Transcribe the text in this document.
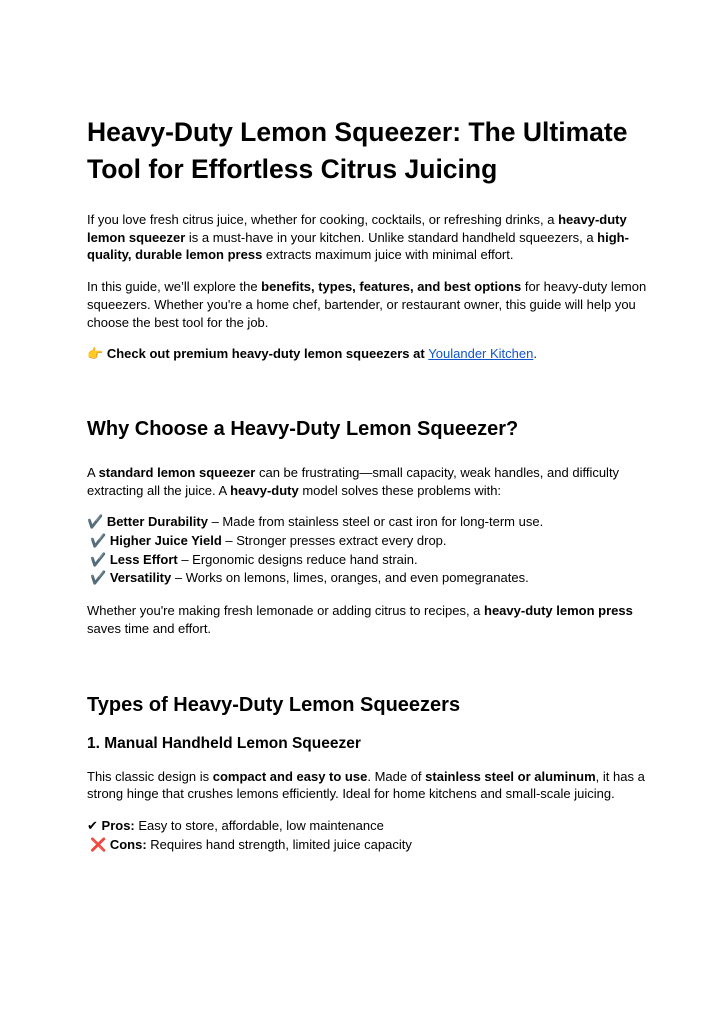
Heavy-Duty Lemon Squeezer: The Ultimate Tool for Effortless Citrus Juicing

If you love fresh citrus juice, whether for cooking, cocktails, or refreshing drinks, a heavy-duty lemon squeezer is a must-have in your kitchen. Unlike standard handheld squeezers, a high-quality, durable lemon press extracts maximum juice with minimal effort.

In this guide, we’ll explore the benefits, types, features, and best options for heavy-duty lemon squeezers. Whether you're a home chef, bartender, or restaurant owner, this guide will help you choose the best tool for the job.

👉 Check out premium heavy-duty lemon squeezers at Youlander Kitchen.

Why Choose a Heavy-Duty Lemon Squeezer?

A standard lemon squeezer can be frustrating—small capacity, weak handles, and difficulty extracting all the juice. A heavy-duty model solves these problems with:

✔️ Better Durability – Made from stainless steel or cast iron for long-term use.

✔️ Higher Juice Yield – Stronger presses extract every drop.

✔️ Less Effort – Ergonomic designs reduce hand strain.

✔️ Versatility – Works on lemons, limes, oranges, and even pomegranates.

Whether you're making fresh lemonade or adding citrus to recipes, a heavy-duty lemon press saves time and effort.

Types of Heavy-Duty Lemon Squeezers
1. Manual Handheld Lemon Squeezer

This classic design is compact and easy to use. Made of stainless steel or aluminum, it has a strong hinge that crushes lemons efficiently. Ideal for home kitchens and small-scale juicing.

✔ Pros: Easy to store, affordable, low maintenance

❌ Cons: Requires hand strength, limited juice capacity
